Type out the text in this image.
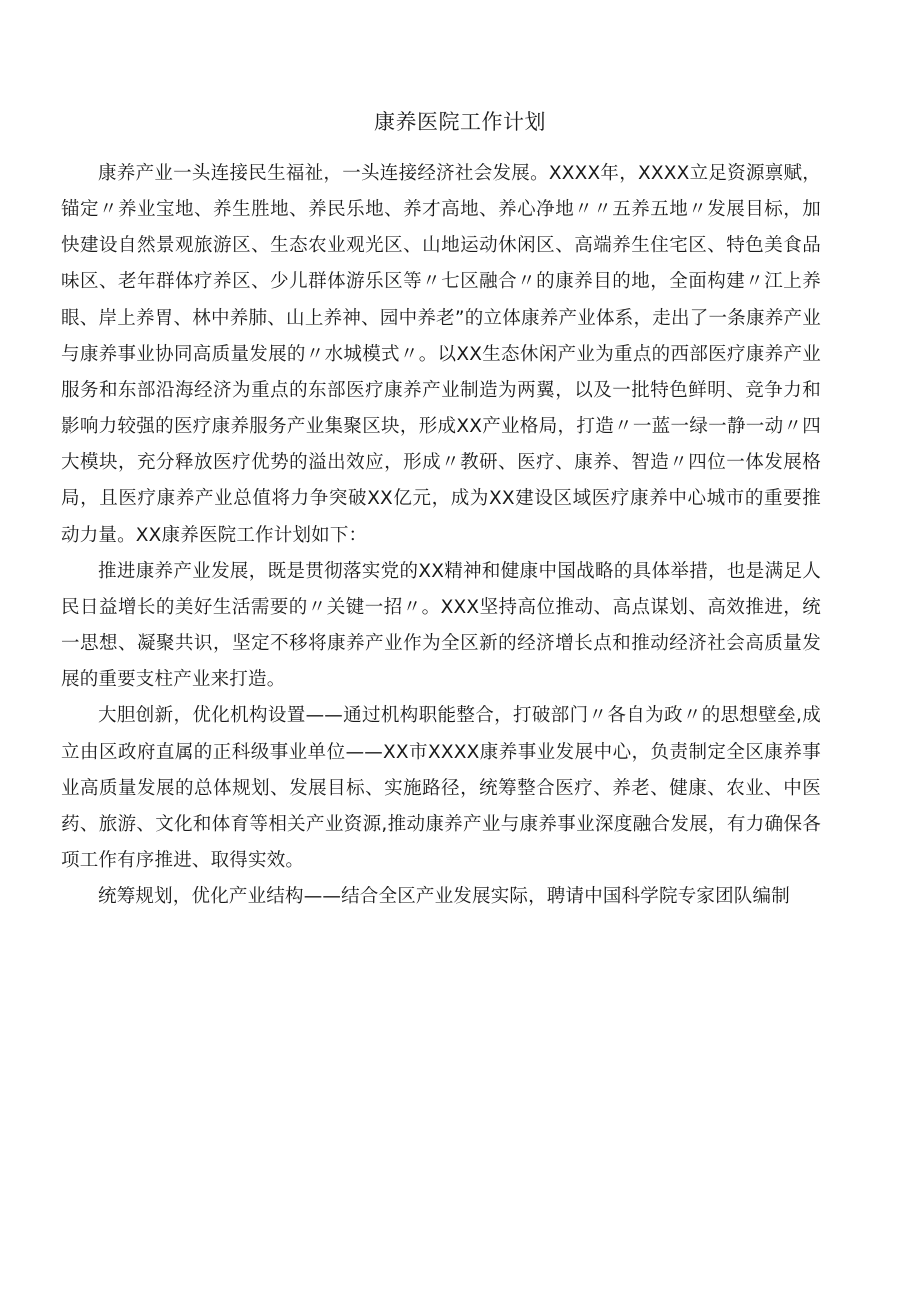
康养医院工作计划

康养产业一头连接民生福祉，一头连接经济社会发展。XXXX年，XXXX立足资源禀赋，锚定〃养业宝地、养生胜地、养民乐地、养才高地、养心净地〃〃五养五地〃发展目标，加快建设自然景观旅游区、生态农业观光区、山地运动休闲区、高端养生住宅区、特色美食品味区、老年群体疗养区、少儿群体游乐区等〃七区融合〃的康养目的地，全面构建〃江上养眼、岸上养胃、林中养肺、山上养神、园中养老”的立体康养产业体系，走出了一条康养产业与康养事业协同高质量发展的〃水城模式〃。以XX生态休闲产业为重点的西部医疗康养产业服务和东部沿海经济为重点的东部医疗康养产业制造为两翼，以及一批特色鲜明、竞争力和影响力较强的医疗康养服务产业集聚区块，形成XX产业格局，打造〃一蓝一绿一静一动〃四大模块，充分释放医疗优势的溢出效应，形成〃教研、医疗、康养、智造〃四位一体发展格局，且医疗康养产业总值将力争突破XX亿元，成为XX建设区域医疗康养中心城市的重要推动力量。XX康养医院工作计划如下：

推进康养产业发展，既是贯彻落实党的XX精神和健康中国战略的具体举措，也是满足人民日益增长的美好生活需要的〃关键一招〃。XXX坚持高位推动、高点谋划、高效推进，统一思想、凝聚共识，坚定不移将康养产业作为全区新的经济增长点和推动经济社会高质量发展的重要支柱产业来打造。

大胆创新，优化机构设置——通过机构职能整合，打破部门〃各自为政〃的思想壁垒,成立由区政府直属的正科级事业单位——XX市XXXX康养事业发展中心，负责制定全区康养事业高质量发展的总体规划、发展目标、实施路径，统筹整合医疗、养老、健康、农业、中医药、旅游、文化和体育等相关产业资源,推动康养产业与康养事业深度融合发展，有力确保各项工作有序推进、取得实效。

统筹规划，优化产业结构——结合全区产业发展实际，聘请中国科学院专家团队编制
